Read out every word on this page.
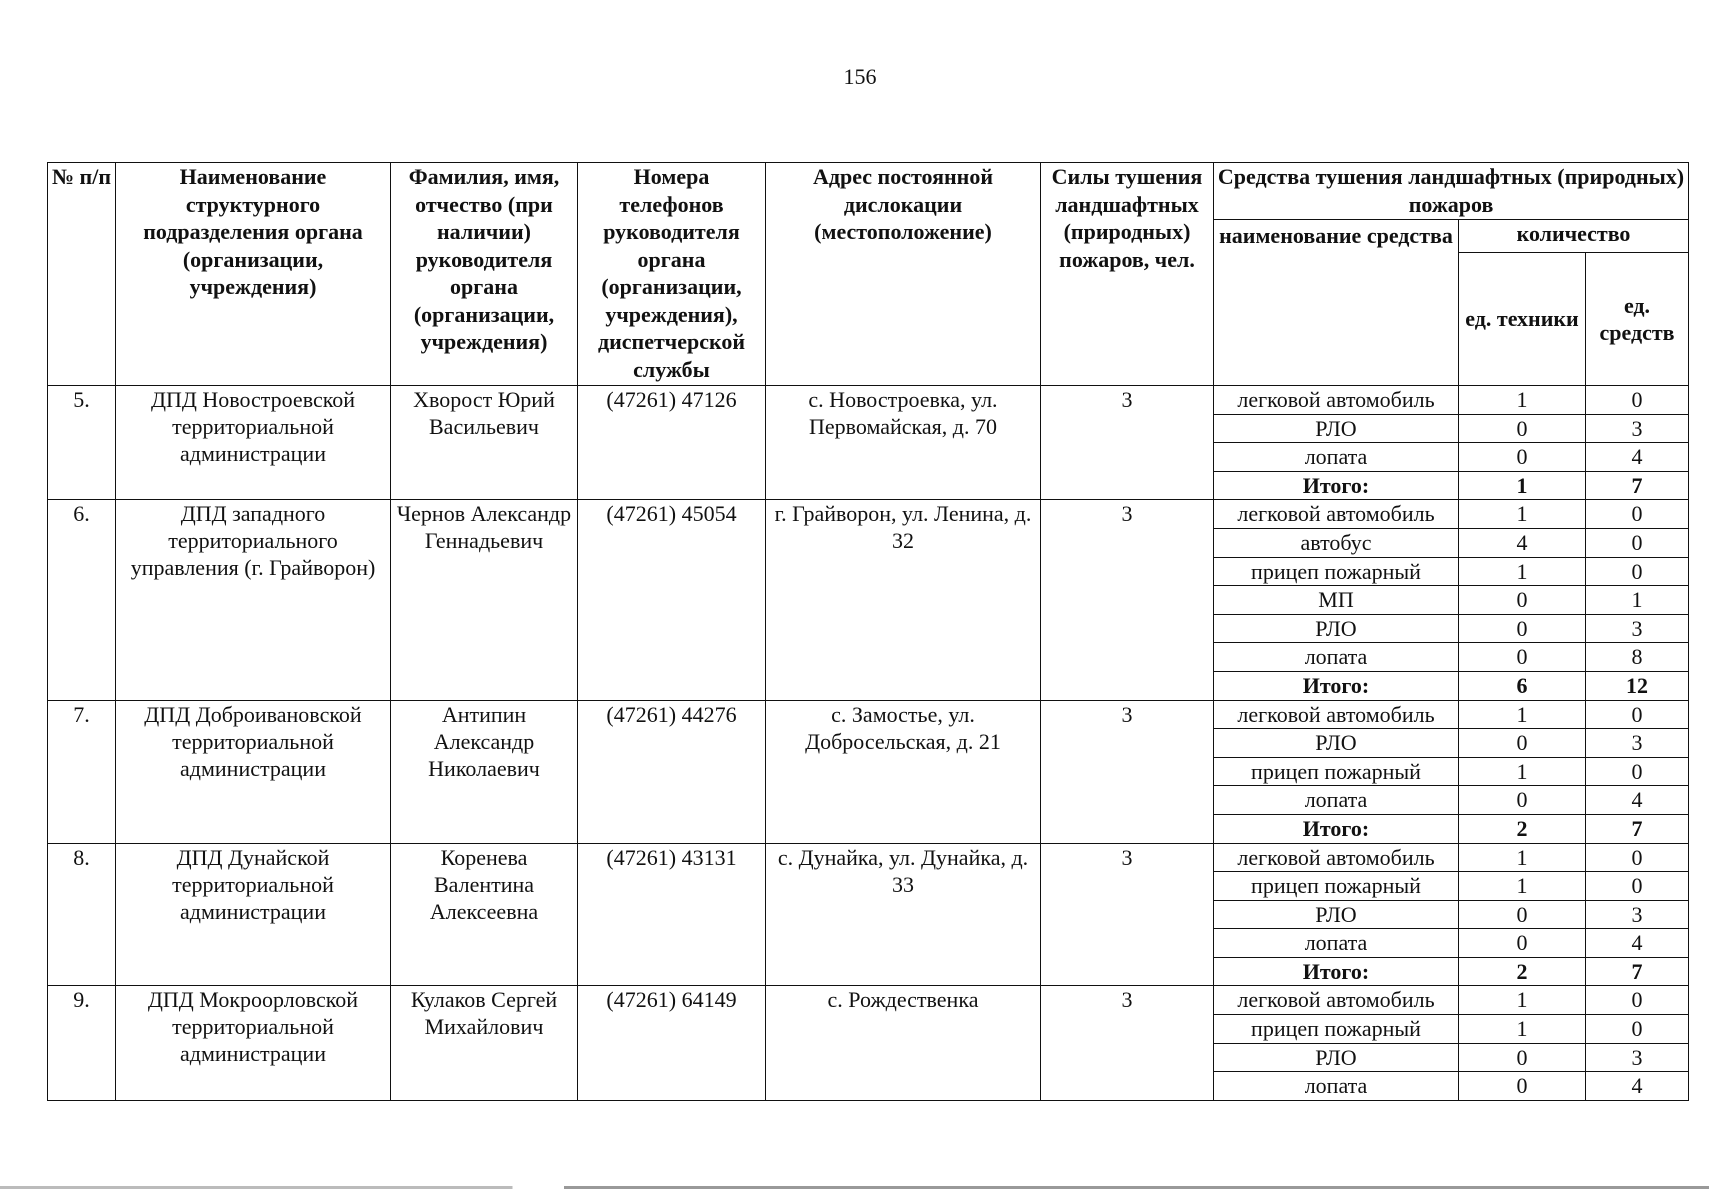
156
№ п/п	Наименование структурного подразделения органа (организации, учреждения)	Фамилия, имя, отчество (при наличии) руководителя органа (организации, учреждения)	Номера телефонов руководителя органа (организации, учреждения), диспетчерской службы	Адрес постоянной дислокации (местоположение)	Силы тушения ландшафтных (природных) пожаров, чел.	Средства тушения ландшафтных (природных) пожаров		
						наименование средства	количество	
							ед. техники	ед. средств
5.	ДПД Новостроевской территориальной администрации	Хворост Юрий Васильевич	(47261) 47126	с. Новостроевка, ул. Первомайская, д. 70	3	легковой автомобиль	1	0
						РЛО	0	3
						лопата	0	4
						Итого:	1	7
6.	ДПД западного территориального управления (г. Грайворон)	Чернов Александр Геннадьевич	(47261) 45054	г. Грайворон, ул. Ленина, д. 32	3	легковой автомобиль	1	0
						автобус	4	0
						прицеп пожарный	1	0
						МП	0	1
						РЛО	0	3
						лопата	0	8
						Итого:	6	12
7.	ДПД Доброивановской территориальной администрации	Антипин Александр Николаевич	(47261) 44276	с. Замостье, ул. Добросельская, д. 21	3	легковой автомобиль	1	0
						РЛО	0	3
						прицеп пожарный	1	0
						лопата	0	4
						Итого:	2	7
8.	ДПД Дунайской территориальной администрации	Коренева Валентина Алексеевна	(47261) 43131	с. Дунайка, ул. Дунайка, д. 33	3	легковой автомобиль	1	0
						прицеп пожарный	1	0
						РЛО	0	3
						лопата	0	4
						Итого:	2	7
9.	ДПД Мокроорловской территориальной администрации	Кулаков Сергей Михайлович	(47261) 64149	с. Рождественка	3	легковой автомобиль	1	0
						прицеп пожарный	1	0
						РЛО	0	3
						лопата	0	4
